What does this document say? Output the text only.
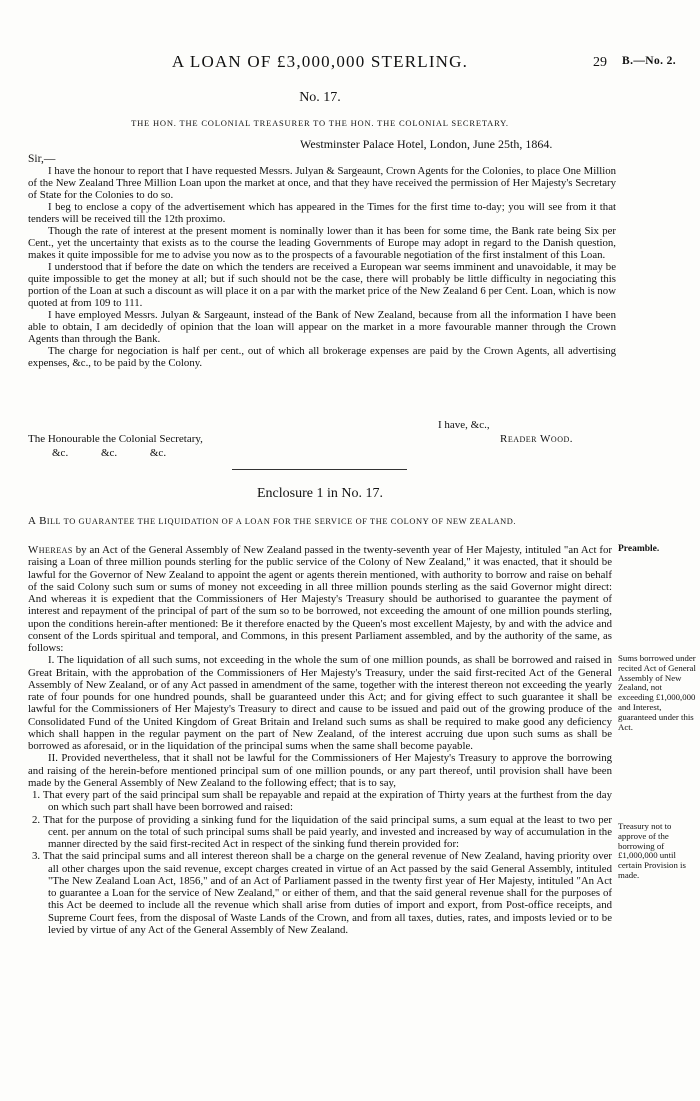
A LOAN OF £3,000,000 STERLING.	29 B.—No. 2.
No. 17.
THE HON. THE COLONIAL TREASURER TO THE HON. THE COLONIAL SECRETARY.
Westminster Palace Hotel, London, June 25th, 1864.
Sir,—

I have the honour to report that I have requested Messrs. Julyan & Sargeaunt, Crown Agents for the Colonies, to place One Million of the New Zealand Three Million Loan upon the market at once, and that they have received the permission of Her Majesty's Secretary of State for the Colonies to do so.

I beg to enclose a copy of the advertisement which has appeared in the Times for the first time to-day; you will see from it that tenders will be received till the 12th proximo.

Though the rate of interest at the present moment is nominally lower than it has been for some time, the Bank rate being Six per Cent., yet the uncertainty that exists as to the course the leading Governments of Europe may adopt in regard to the Danish question, makes it quite impossible for me to advise you now as to the prospects of a favourable negotiation of the first instalment of this Loan.

I understood that if before the date on which the tenders are received a European war seems imminent and unavoidable, it may be quite impossible to get the money at all; but if such should not be the case, there will probably be little difficulty in negociating this portion of the Loan at such a discount as will place it on a par with the market price of the New Zealand 6 per Cent. Loan, which is now quoted at from 109 to 111.

I have employed Messrs. Julyan & Sargeaunt, instead of the Bank of New Zealand, because from all the information I have been able to obtain, I am decidedly of opinion that the loan will appear on the market in a more favourable manner through the Crown Agents than through the Bank.

The charge for negociation is half per cent., out of which all brokerage expenses are paid by the Crown Agents, all advertising expenses, &c., to be paid by the Colony.

I have, &c.,
The Honourable the Colonial Secretary,	Reader Wood.
&c. &c. &c.
Enclosure 1 in No. 17.
A Bill TO GUARANTEE THE LIQUIDATION OF A LOAN FOR THE SERVICE OF THE COLONY OF NEW ZEALAND.

Whereas by an Act of the General Assembly of New Zealand passed in the twenty-seventh year of Her Majesty, intituled "an Act for raising a Loan of three million pounds sterling for the public service of the Colony of New Zealand," it was enacted, that it should be lawful for the Governor of New Zealand to appoint the agent or agents therein mentioned, with authority to borrow and raise on behalf of the said Colony such sum or sums of money not exceeding in all three million pounds sterling as the said Governor might direct: And whereas it is expedient that the Commissioners of Her Majesty's Treasury should be authorised to guarantee the payment of interest and repayment of the principal of part of the sum so to be borrowed, not exceeding the amount of one million pounds sterling, upon the conditions herein-after mentioned: Be it therefore enacted by the Queen's most excellent Majesty, by and with the advice and consent of the Lords spiritual and temporal, and Commons, in this present Parliament assembled, and by the authority of the same, as follows:

I. The liquidation of all such sums, not exceeding in the whole the sum of one million pounds, as shall be borrowed and raised in Great Britain, with the approbation of the Commissioners of Her Majesty's Treasury, under the said first-recited Act of the General Assembly of New Zealand, or of any Act passed in amendment of the same, together with the interest thereon not exceeding the yearly rate of four pounds for one hundred pounds, shall be guaranteed under this Act; and for giving effect to such guarantee it shall be lawful for the Commissioners of Her Majesty's Treasury to direct and cause to be issued and paid out of the growing produce of the Consolidated Fund of the United Kingdom of Great Britain and Ireland such sums as shall be required to make good any deficiency which shall happen in the regular payment on the part of New Zealand, of the interest accruing due upon such sums as shall be borrowed as aforesaid, or in the liquidation of the principal sums when the same shall become payable.

II. Provided nevertheless, that it shall not be lawful for the Commissioners of Her Majesty's Treasury to approve the borrowing and raising of the herein-before mentioned principal sum of one million pounds, or any part thereof, until provision shall have been made by the General Assembly of New Zealand to the following effect; that is to say,

1. That every part of the said principal sum shall be repayable and repaid at the expiration of Thirty years at the furthest from the day on which such part shall have been borrowed and raised:

2. That for the purpose of providing a sinking fund for the liquidation of the said principal sums, a sum equal at the least to two per cent. per annum on the total of such principal sums shall be paid yearly, and invested and increased by way of accumulation in the manner directed by the said first-recited Act in respect of the sinking fund therein provided for:

3. That the said principal sums and all interest thereon shall be a charge on the general revenue of New Zealand, having priority over all other charges upon the said revenue, except charges created in virtue of an Act passed by the said General Assembly, intituled "The New Zealand Loan Act, 1856," and of an Act of Parliament passed in the twenty first year of Her Majesty, intituled "An Act to guarantee a Loan for the service of New Zealand," or either of them, and that the said general revenue shall for the purposes of this Act be deemed to include all the revenue which shall arise from duties of import and export, from Post-office receipts, and Supreme Court fees, from the disposal of Waste Lands of the Crown, and from all taxes, duties, rates, and imposts levied or to be levied by virtue of any Act of the General Assembly of New Zealand.

Preamble.
Sums borrowed under recited Act of General Assembly of New Zealand, not exceeding £1,000,000 and Interest, guaranteed under this Act.
Treasury not to approve of the borrowing of £1,000,000 until certain Provision is made.
